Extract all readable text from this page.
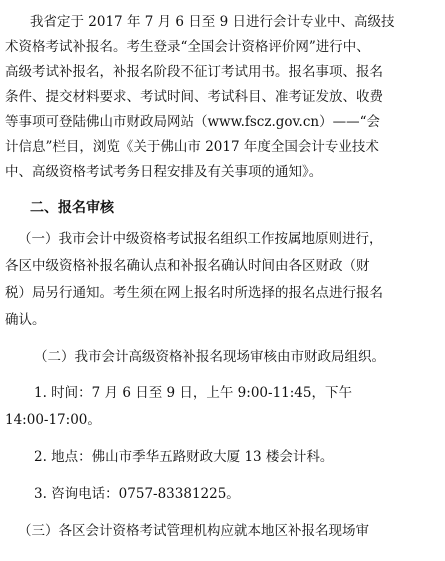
我省定于 2017 年 7 月 6 日至 9 日进行会计专业中、高级技

术资格考试补报名。考生登录“全国会计资格评价网”进行中、

高级考试补报名，补报名阶段不征订考试用书。报名事项、报名

条件、提交材料要求、考试时间、考试科目、准考证发放、收费

等事项可登陆佛山市财政局网站（www.fscz.gov.cn）——“会

计信息”栏目，浏览《关于佛山市 2017 年度全国会计专业技术

中、高级资格考试考务日程安排及有关事项的通知》。

二、报名审核

（一）我市会计中级资格考试报名组织工作按属地原则进行，

各区中级资格补报名确认点和补报名确认时间由各区财政（财

税）局另行通知。考生须在网上报名时所选择的报名点进行报名

确认。

（二）我市会计高级资格补报名现场审核由市财政局组织。

1. 时间：7 月 6 日至 9 日，上午 9:00-11:45，下午

14:00-17:00。

2. 地点：佛山市季华五路财政大厦 13 楼会计科。

3. 咨询电话：0757-83381225。

（三）各区会计资格考试管理机构应就本地区补报名现场审
